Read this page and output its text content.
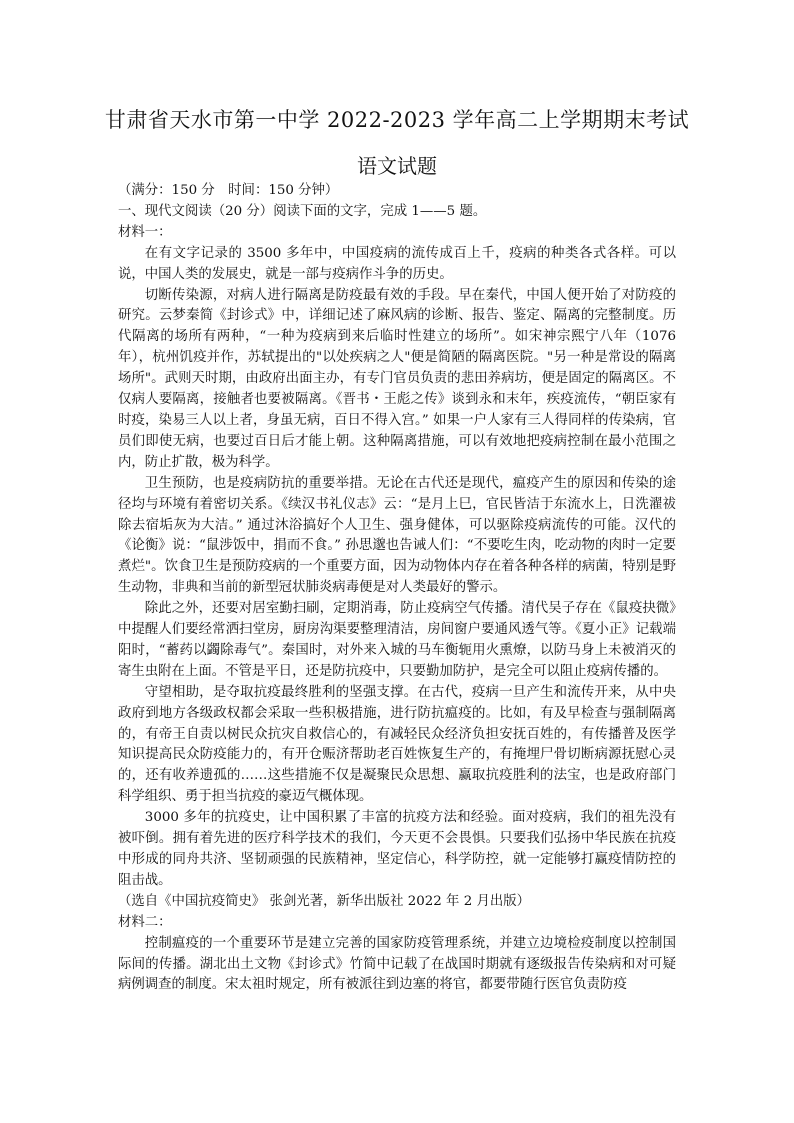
甘肃省天水市第一中学 2022-2023 学年高二上学期期末考试
语文试题

（满分：150 分　时间：150 分钟）

一、现代文阅读（20 分）阅读下面的文字，完成 1——5 题。

材料一：

在有文字记录的 3500 多年中，中国疫病的流传成百上千，疫病的种类各式各样。可以说，中国人类的发展史，就是一部与疫病作斗争的历史。

切断传染源，对病人进行隔离是防疫最有效的手段。早在秦代，中国人便开始了对防疫的研究。云梦秦简《封诊式》中，详细记述了麻风病的诊断、报告、鉴定、隔离的完整制度。历代隔离的场所有两种，“一种为疫病到来后临时性建立的场所”。如宋神宗熙宁八年（1076 年），杭州饥疫并作，苏轼提出的"以处疾病之人"便是简陋的隔离医院。"另一种是常设的隔离场所"。武则天时期，由政府出面主办，有专门官员负责的悲田养病坊，便是固定的隔离区。不仅病人要隔离，接触者也要被隔离。《晋书・王彪之传》谈到永和末年，疾疫流传，“朝臣家有时疫，染易三人以上者，身虽无病，百日不得入宫。” 如果一户人家有三人得同样的传染病，官员们即使无病，也要过百日后才能上朝。这种隔离措施，可以有效地把疫病控制在最小范围之内，防止扩散，极为科学。

卫生预防，也是疫病防抗的重要举措。无论在古代还是现代，瘟疫产生的原因和传染的途径均与环境有着密切关系。《续汉书礼仪志》云：“是月上巳，官民皆洁于东流水上，日洗濯祓除去宿垢灰为大洁。” 通过沐浴搞好个人卫生、强身健体，可以驱除疫病流传的可能。汉代的《论衡》说：“鼠涉饭中，捐而不食。” 孙思邈也告诫人们：“不要吃生肉，吃动物的肉时一定要煮烂"。饮食卫生是预防疫病的一个重要方面，因为动物体内存在着各种各样的病菌，特别是野生动物，非典和当前的新型冠状肺炎病毒便是对人类最好的警示。

除此之外，还要对居室勤扫刷，定期消毒，防止疫病空气传播。清代吴子存在《鼠疫抉微》中提醒人们要经常洒扫堂房，厨房沟渠要整理清洁，房间窗户要通风透气等。《夏小正》记载端阳时，“蓄药以蠲除毒气”。秦国时，对外来入城的马车衡轭用火熏燎，以防马身上未被消灭的寄生虫附在上面。不管是平日，还是防抗疫中，只要勤加防护，是完全可以阻止疫病传播的。

守望相助，是夺取抗疫最终胜利的坚强支撑。在古代，疫病一旦产生和流传开来，从中央政府到地方各级政权都会采取一些积极措施，进行防抗瘟疫的。比如，有及早检查与强制隔离的，有帝王自责以树民众抗灾自救信心的，有减轻民众经济负担安抚百姓的，有传播普及医学知识提高民众防疫能力的，有开仓赈济帮助老百姓恢复生产的，有掩埋尸骨切断病源抚慰心灵的，还有收养遗孤的……这些措施不仅是凝聚民众思想、赢取抗疫胜利的法宝，也是政府部门科学组织、勇于担当抗疫的豪迈气概体现。

3000 多年的抗疫史，让中国积累了丰富的抗疫方法和经验。面对疫病，我们的祖先没有被吓倒。拥有着先进的医疗科学技术的我们，今天更不会畏惧。只要我们弘扬中华民族在抗疫中形成的同舟共济、坚韧顽强的民族精神，坚定信心，科学防控，就一定能够打赢疫情防控的阻击战。

（选自《中国抗疫简史》 张剑光著，新华出版社 2022 年 2 月出版）

材料二：

控制瘟疫的一个重要环节是建立完善的国家防疫管理系统，并建立边境检疫制度以控制国际间的传播。湖北出土文物《封诊式》竹简中记载了在战国时期就有逐级报告传染病和对可疑病例调查的制度。宋太祖时规定，所有被派往到边塞的将官，都要带随行医官负责防疫
